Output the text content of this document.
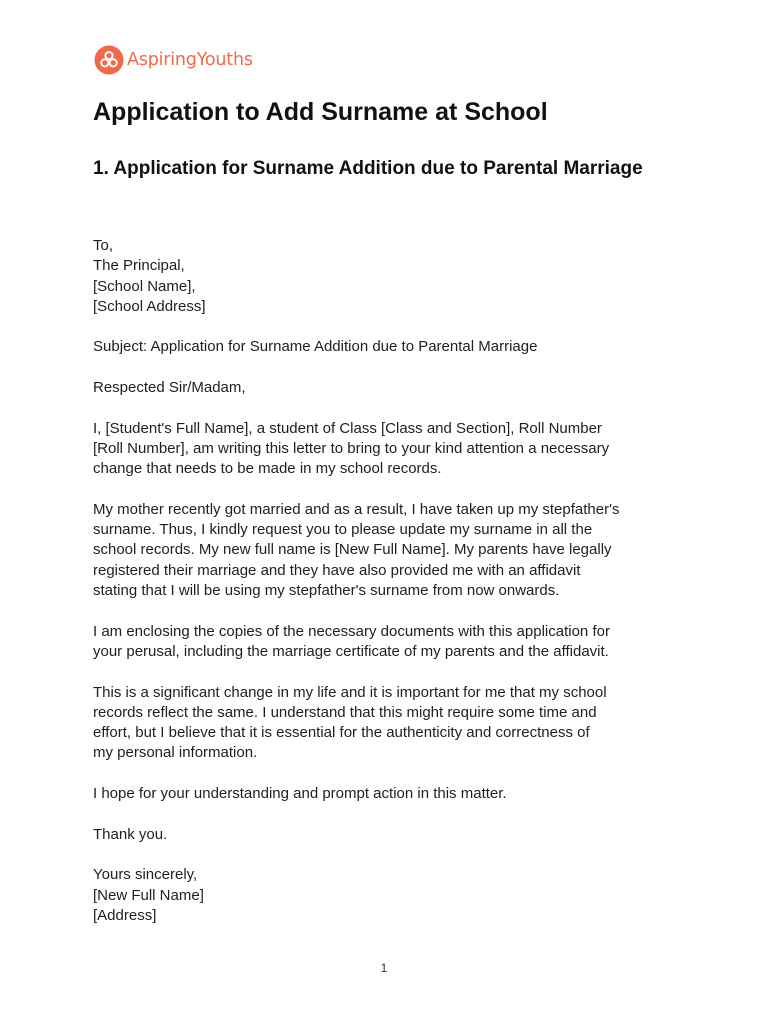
AspiringYouths
Application to Add Surname at School
1. Application for Surname Addition due to Parental Marriage
To,
The Principal,
[School Name],
[School Address]
Subject: Application for Surname Addition due to Parental Marriage
Respected Sir/Madam,
I, [Student's Full Name], a student of Class [Class and Section], Roll Number
[Roll Number], am writing this letter to bring to your kind attention a necessary
change that needs to be made in my school records.
My mother recently got married and as a result, I have taken up my stepfather's
surname. Thus, I kindly request you to please update my surname in all the
school records. My new full name is [New Full Name]. My parents have legally
registered their marriage and they have also provided me with an affidavit
stating that I will be using my stepfather's surname from now onwards.
I am enclosing the copies of the necessary documents with this application for
your perusal, including the marriage certificate of my parents and the affidavit.
This is a significant change in my life and it is important for me that my school
records reflect the same. I understand that this might require some time and
effort, but I believe that it is essential for the authenticity and correctness of
my personal information.
I hope for your understanding and prompt action in this matter.
Thank you.
Yours sincerely,
[New Full Name]
[Address]
1
